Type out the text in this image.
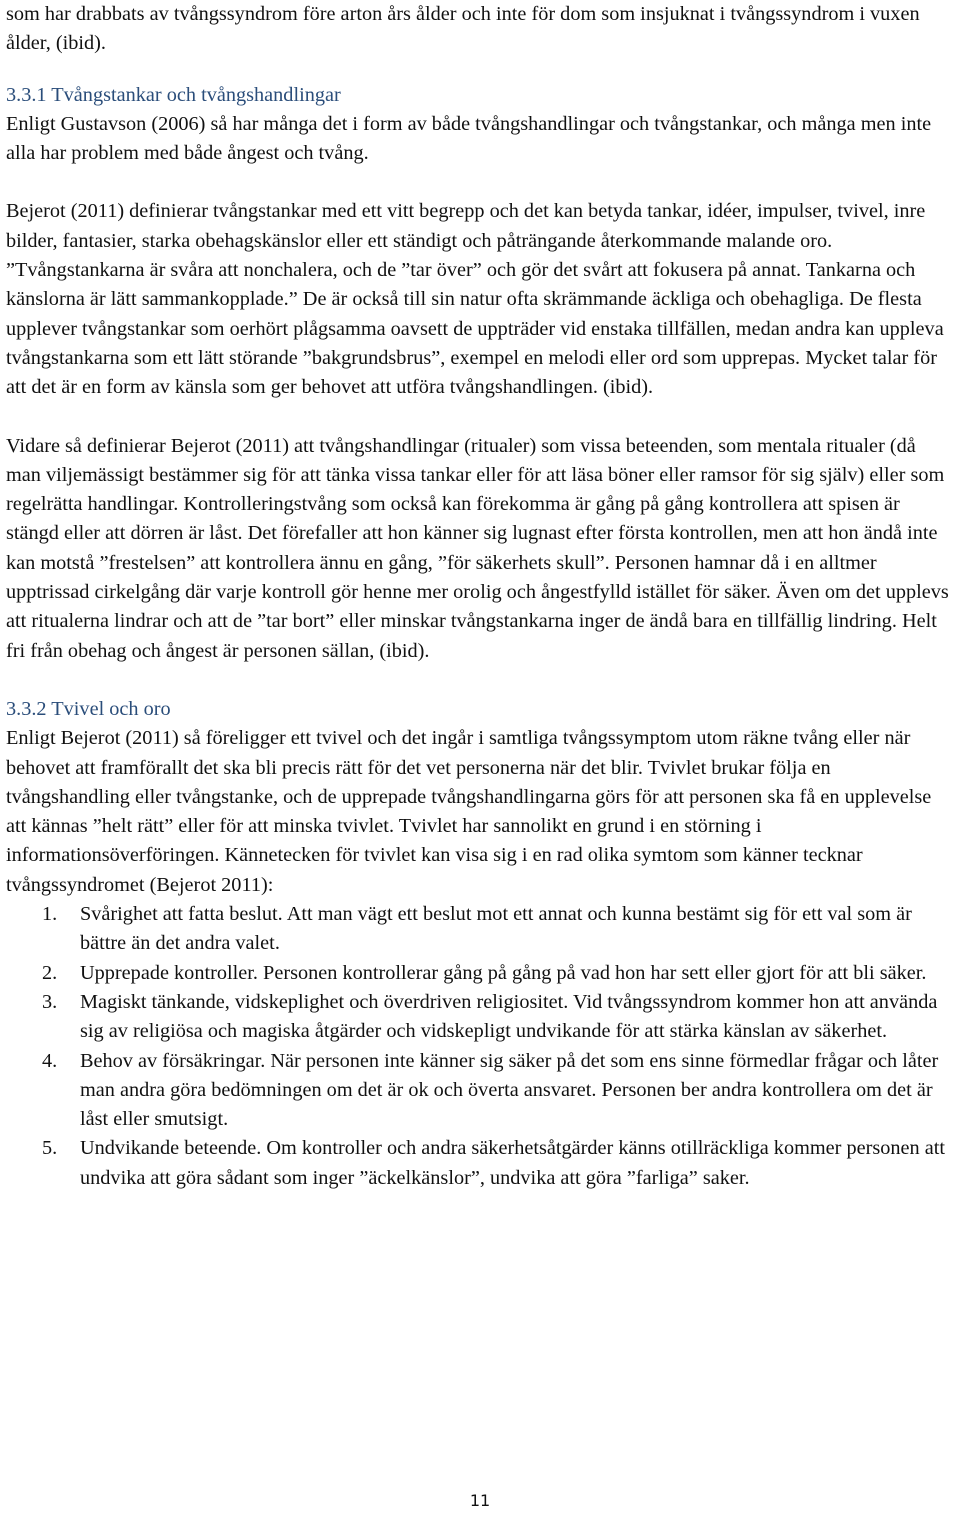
som har drabbats av tvångssyndrom före arton års ålder och inte för dom som insjuknat i tvångssyndrom i vuxen ålder, (ibid).

3.3.1 Tvångstankar och tvångshandlingar

Enligt Gustavson (2006) så har många det i form av både tvångshandlingar och tvångstankar, och många men inte alla har problem med både ångest och tvång.

Bejerot (2011) definierar tvångstankar med ett vitt begrepp och det kan betyda tankar, idéer, impulser, tvivel, inre bilder, fantasier, starka obehagskänslor eller ett ständigt och påträngande återkommande malande oro. ”Tvångstankarna är svåra att nonchalera, och de ”tar över” och gör det svårt att fokusera på annat. Tankarna och känslorna är lätt sammankopplade.” De är också till sin natur ofta skrämmande äckliga och obehagliga. De flesta upplever tvångstankar som oerhört plågsamma oavsett de uppträder vid enstaka tillfällen, medan andra kan uppleva tvångstankarna som ett lätt störande ”bakgrundsbrus”, exempel en melodi eller ord som upprepas. Mycket talar för att det är en form av känsla som ger behovet att utföra tvångshandlingen. (ibid).

Vidare så definierar Bejerot (2011) att tvångshandlingar (ritualer) som vissa beteenden, som mentala ritualer (då man viljemässigt bestämmer sig för att tänka vissa tankar eller för att läsa böner eller ramsor för sig själv) eller som regelrätta handlingar. Kontrolleringstvång som också kan förekomma är gång på gång kontrollera att spisen är stängd eller att dörren är låst. Det förefaller att hon känner sig lugnast efter första kontrollen, men att hon ändå inte kan motstå ”frestelsen” att kontrollera ännu en gång, ”för säkerhets skull”. Personen hamnar då i en alltmer upptrissad cirkelgång där varje kontroll gör henne mer orolig och ångestfylld istället för säker. Även om det upplevs att ritualerna lindrar och att de ”tar bort” eller minskar tvångstankarna inger de ändå bara en tillfällig lindring. Helt fri från obehag och ångest är personen sällan, (ibid).

3.3.2 Tvivel och oro

Enligt Bejerot (2011) så föreligger ett tvivel och det ingår i samtliga tvångssymptom utom räkne tvång eller när behovet att framförallt det ska bli precis rätt för det vet personerna när det blir. Tvivlet brukar följa en tvångshandling eller tvångstanke, och de upprepade tvångshandlingarna görs för att personen ska få en upplevelse att kännas ”helt rätt” eller för att minska tvivlet. Tvivlet har sannolikt en grund i en störning i informationsöverföringen. Kännetecken för tvivlet kan visa sig i en rad olika symtom som känner tecknar tvångssyndromet (Bejerot 2011):

1. Svårighet att fatta beslut. Att man vägt ett beslut mot ett annat och kunna bestämt sig för ett val som är bättre än det andra valet.
2. Upprepade kontroller. Personen kontrollerar gång på gång på vad hon har sett eller gjort för att bli säker.
3. Magiskt tänkande, vidskeplighet och överdriven religiositet. Vid tvångssyndrom kommer hon att använda sig av religiösa och magiska åtgärder och vidskepligt undvikande för att stärka känslan av säkerhet.
4. Behov av försäkringar. När personen inte känner sig säker på det som ens sinne förmedlar frågar och låter man andra göra bedömningen om det är ok och överta ansvaret. Personen ber andra kontrollera om det är låst eller smutsigt.
5. Undvikande beteende. Om kontroller och andra säkerhetsåtgärder känns otillräckliga kommer personen att undvika att göra sådant som inger ”äckelkänslor”, undvika att göra ”farliga” saker.
11
